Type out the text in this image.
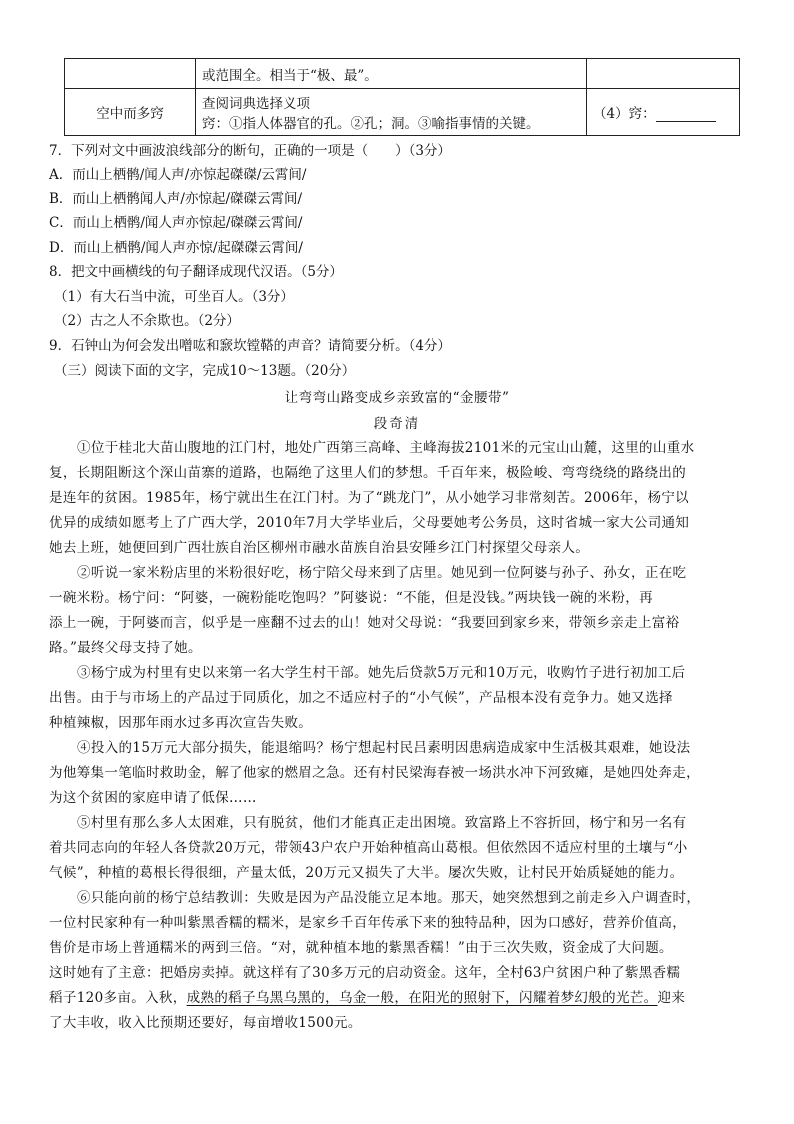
	或范围全。相当于“极、最”。	
空中而多窍	查阅词典选择义项
窍：①指人体器官的孔。②孔；洞。③喻指事情的关键。	（4）窍：
7．下列对文中画波浪线部分的断句，正确的一项是（　　）（3分）
A．而山上栖鹘/闻人声/亦惊起磔磔/云霄间/
B．而山上栖鹘闻人声/亦惊起/磔磔云霄间/
C．而山上栖鹘/闻人声亦惊起/磔磔云霄间/
D．而山上栖鹘/闻人声亦惊/起磔磔云霄间/
8．把文中画横线的句子翻译成现代汉语。（5分）
（1）有大石当中流，可坐百人。（3分）
（2）古之人不余欺也。（2分）
9．石钟山为何会发出噌吰和窾坎镗鞳的声音？请简要分析。（4分）
（三）阅读下面的文字，完成10～13题。（20分）
让弯弯山路变成乡亲致富的“金腰带”
段奇清
①位于桂北大苗山腹地的江门村，地处广西第三高峰、主峰海拔2101米的元宝山山麓，这里的山重水
复，长期阻断这个深山苗寨的道路，也隔绝了这里人们的梦想。千百年来，极险峻、弯弯绕绕的路绕出的
是连年的贫困。1985年，杨宁就出生在江门村。为了“跳龙门”，从小她学习非常刻苦。2006年，杨宁以
优异的成绩如愿考上了广西大学，2010年7月大学毕业后，父母要她考公务员，这时省城一家大公司通知
她去上班，她便回到广西壮族自治区柳州市融水苗族自治县安陲乡江门村探望父母亲人。
②听说一家米粉店里的米粉很好吃，杨宁陪父母来到了店里。她见到一位阿婆与孙子、孙女，正在吃
一碗米粉。杨宁问：“阿婆，一碗粉能吃饱吗？”阿婆说：“不能，但是没钱。”两块钱一碗的米粉，再
添上一碗，于阿婆而言，似乎是一座翻不过去的山！她对父母说：“我要回到家乡来，带领乡亲走上富裕
路。”最终父母支持了她。
③杨宁成为村里有史以来第一名大学生村干部。她先后贷款5万元和10万元，收购竹子进行初加工后
出售。由于与市场上的产品过于同质化，加之不适应村子的“小气候”，产品根本没有竞争力。她又选择
种植辣椒，因那年雨水过多再次宣告失败。
④投入的15万元大部分损失，能退缩吗？杨宁想起村民吕素明因患病造成家中生活极其艰难，她设法
为他筹集一笔临时救助金，解了他家的燃眉之急。还有村民梁海春被一场洪水冲下河致瘫，是她四处奔走，
为这个贫困的家庭申请了低保……
⑤村里有那么多人太困难，只有脱贫，他们才能真正走出困境。致富路上不容折回，杨宁和另一名有
着共同志向的年轻人各贷款20万元，带领43户农户开始种植高山葛根。但依然因不适应村里的土壤与“小
气候”，种植的葛根长得很细，产量太低，20万元又损失了大半。屡次失败，让村民开始质疑她的能力。
⑥只能向前的杨宁总结教训：失败是因为产品没能立足本地。那天，她突然想到之前走乡入户调查时，
一位村民家种有一种叫紫黑香糯的糯米，是家乡千百年传承下来的独特品种，因为口感好，营养价值高，
售价是市场上普通糯米的两到三倍。“对，就种植本地的紫黑香糯！”由于三次失败，资金成了大问题。
这时她有了主意：把婚房卖掉。就这样有了30多万元的启动资金。这年，全村63户贫困户种了紫黑香糯
稻子120多亩。入秋，成熟的稻子乌黑乌黑的，乌金一般，在阳光的照射下，闪耀着梦幻般的光芒。迎来
了大丰收，收入比预期还要好，每亩增收1500元。
